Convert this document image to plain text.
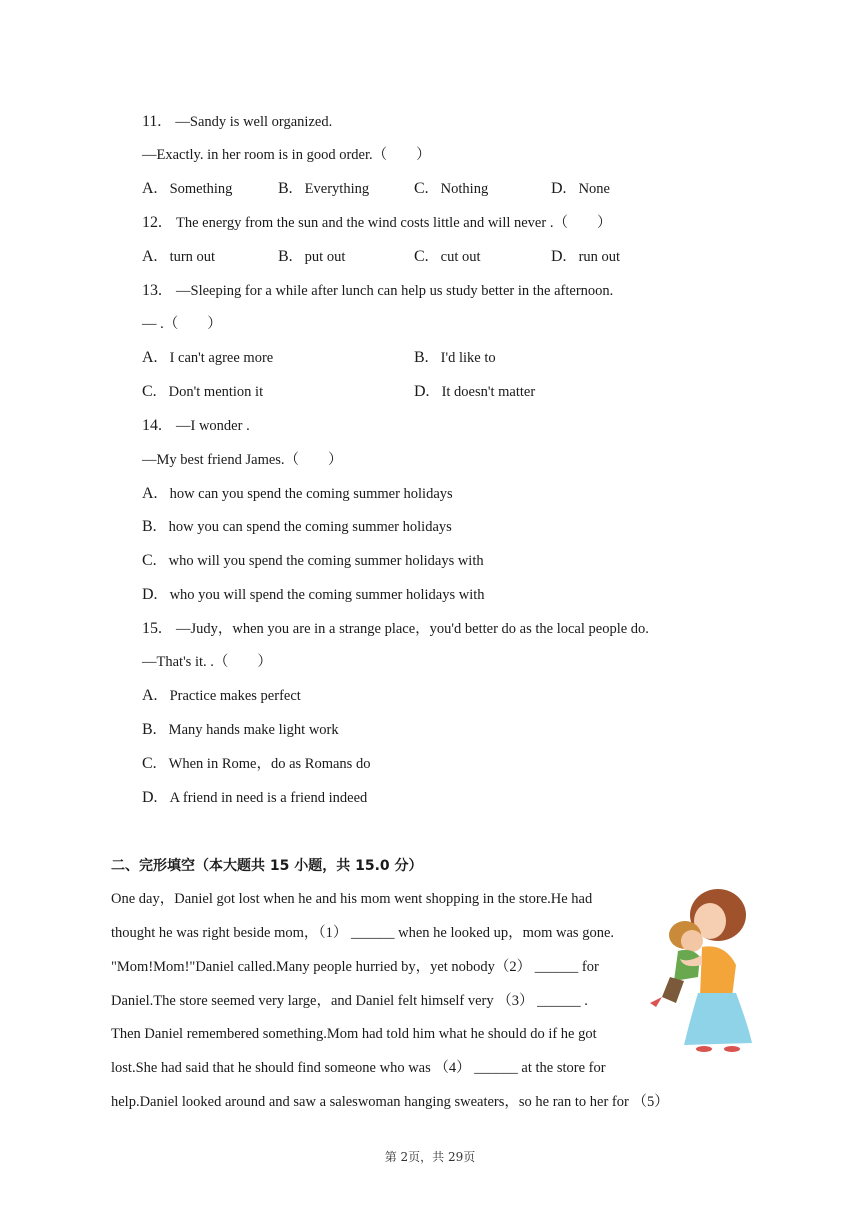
11. —Sandy is well organized.
—Exactly. in her room is in good order.（　　）
A. Something	B. Everything	C. Nothing	D. None
12. The energy from the sun and the wind costs little and will never .（　　）
A. turn out	B. put out	C. cut out	D. run out
13. —Sleeping for a while after lunch can help us study better in the afternoon.
— .（　　）
A. I can't agree more	B. I'd like to
C. Don't mention it	D. It doesn't matter
14. —I wonder .
—My best friend James.（　　）
A. how can you spend the coming summer holidays
B. how you can spend the coming summer holidays
C. who will you spend the coming summer holidays with
D. who you will spend the coming summer holidays with
15. —Judy，when you are in a strange place，you'd better do as the local people do.
—That's it. .（　　）
A. Practice makes perfect
B. Many hands make light work
C. When in Rome，do as Romans do
D. A friend in need is a friend indeed
二、完形填空（本大题共 15 小题，共 15.0 分）
One day，Daniel got lost when he and his mom went shopping in the store.He had
thought he was right beside mom，（1） ______ when he looked up，mom was gone.
"Mom!Mom!"Daniel called.Many people hurried by，yet nobody（2） ______ for
Daniel.The store seemed very large，and Daniel felt himself very （3） ______ .
Then Daniel remembered something.Mom had told him what he should do if he got
lost.She had said that he should find someone who was （4） ______ at the store for
help.Daniel looked around and saw a saleswoman hanging sweaters，so he ran to her for （5）
第 2页，共 29页
